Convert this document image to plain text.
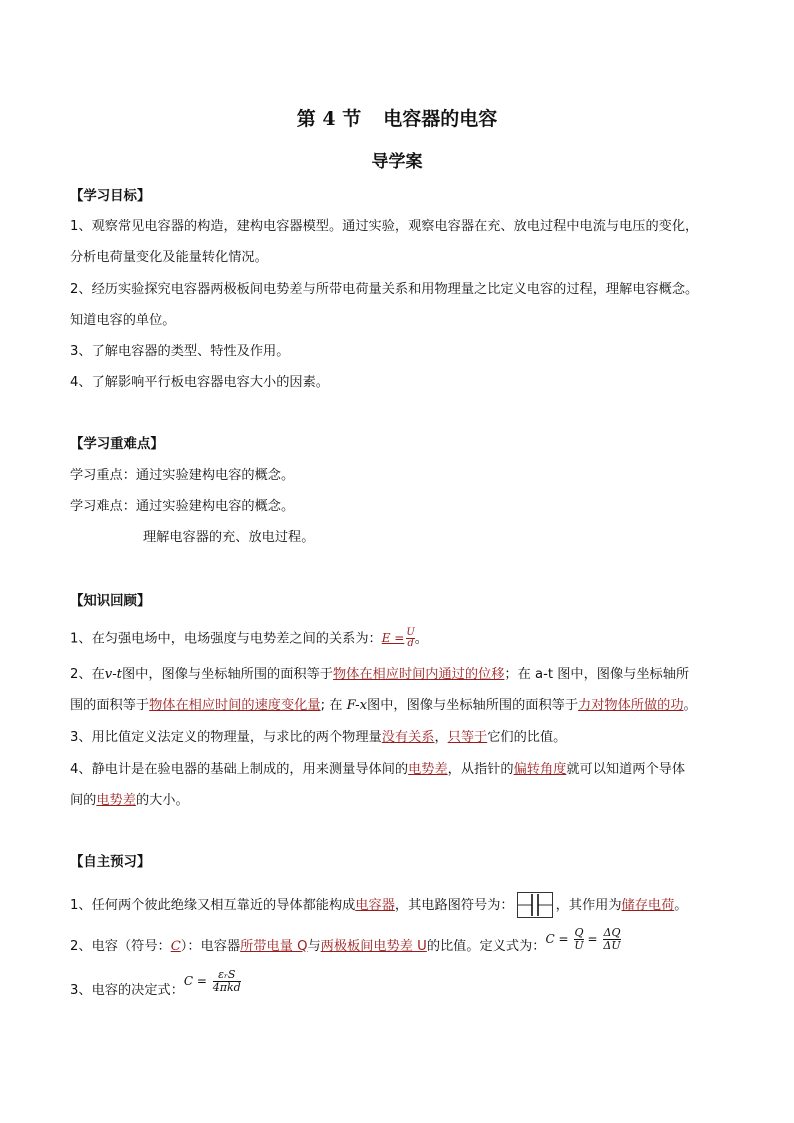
第 4 节 电容器的电容
导学案
【学习目标】
1、观察常见电容器的构造，建构电容器模型。通过实验，观察电容器在充、放电过程中电流与电压的变化，
分析电荷量变化及能量转化情况。
2、经历实验探究电容器两极板间电势差与所带电荷量关系和用物理量之比定义电容的过程，理解电容概念。
知道电容的单位。
3、了解电容器的类型、特性及作用。
4、了解影响平行板电容器电容大小的因素。
【学习重难点】
学习重点：通过实验建构电容的概念。
学习难点：通过实验建构电容的概念。
理解电容器的充、放电过程。
【知识回顾】
1、在匀强电场中，电场强度与电势差之间的关系为：$E = \frac{U}{d}$ 。
2、在v-t图中，图像与坐标轴所围的面积等于物体在相应时间内通过的位移；在 a-t 图中，图像与坐标轴所
围的面积等于物体在相应时间的速度变化量; 在 F-x图中，图像与坐标轴所围的面积等于力对物体所做的功。
3、用比值定义法定义的物理量，与求比的两个物理量没有关系，只等于它们的比值。
4、静电计是在验电器的基础上制成的，用来测量导体间的电势差，从指针的偏转角度就可以知道两个导体
间的电势差的大小。
【自主预习】
1、任何两个彼此绝缘又相互靠近的导体都能构成电容器，其电路图符号为：	，其作用为储存电荷。
2、电容（符号：C）：电容器所带电量 Q与两极板间电势差 U的比值。定义式为：$C = \frac{Q}{U} = \frac{\Delta Q}{\Delta U}$
3、电容的决定式：$C = \frac{\text{εᵣS}}{\text{4πkd}}$
